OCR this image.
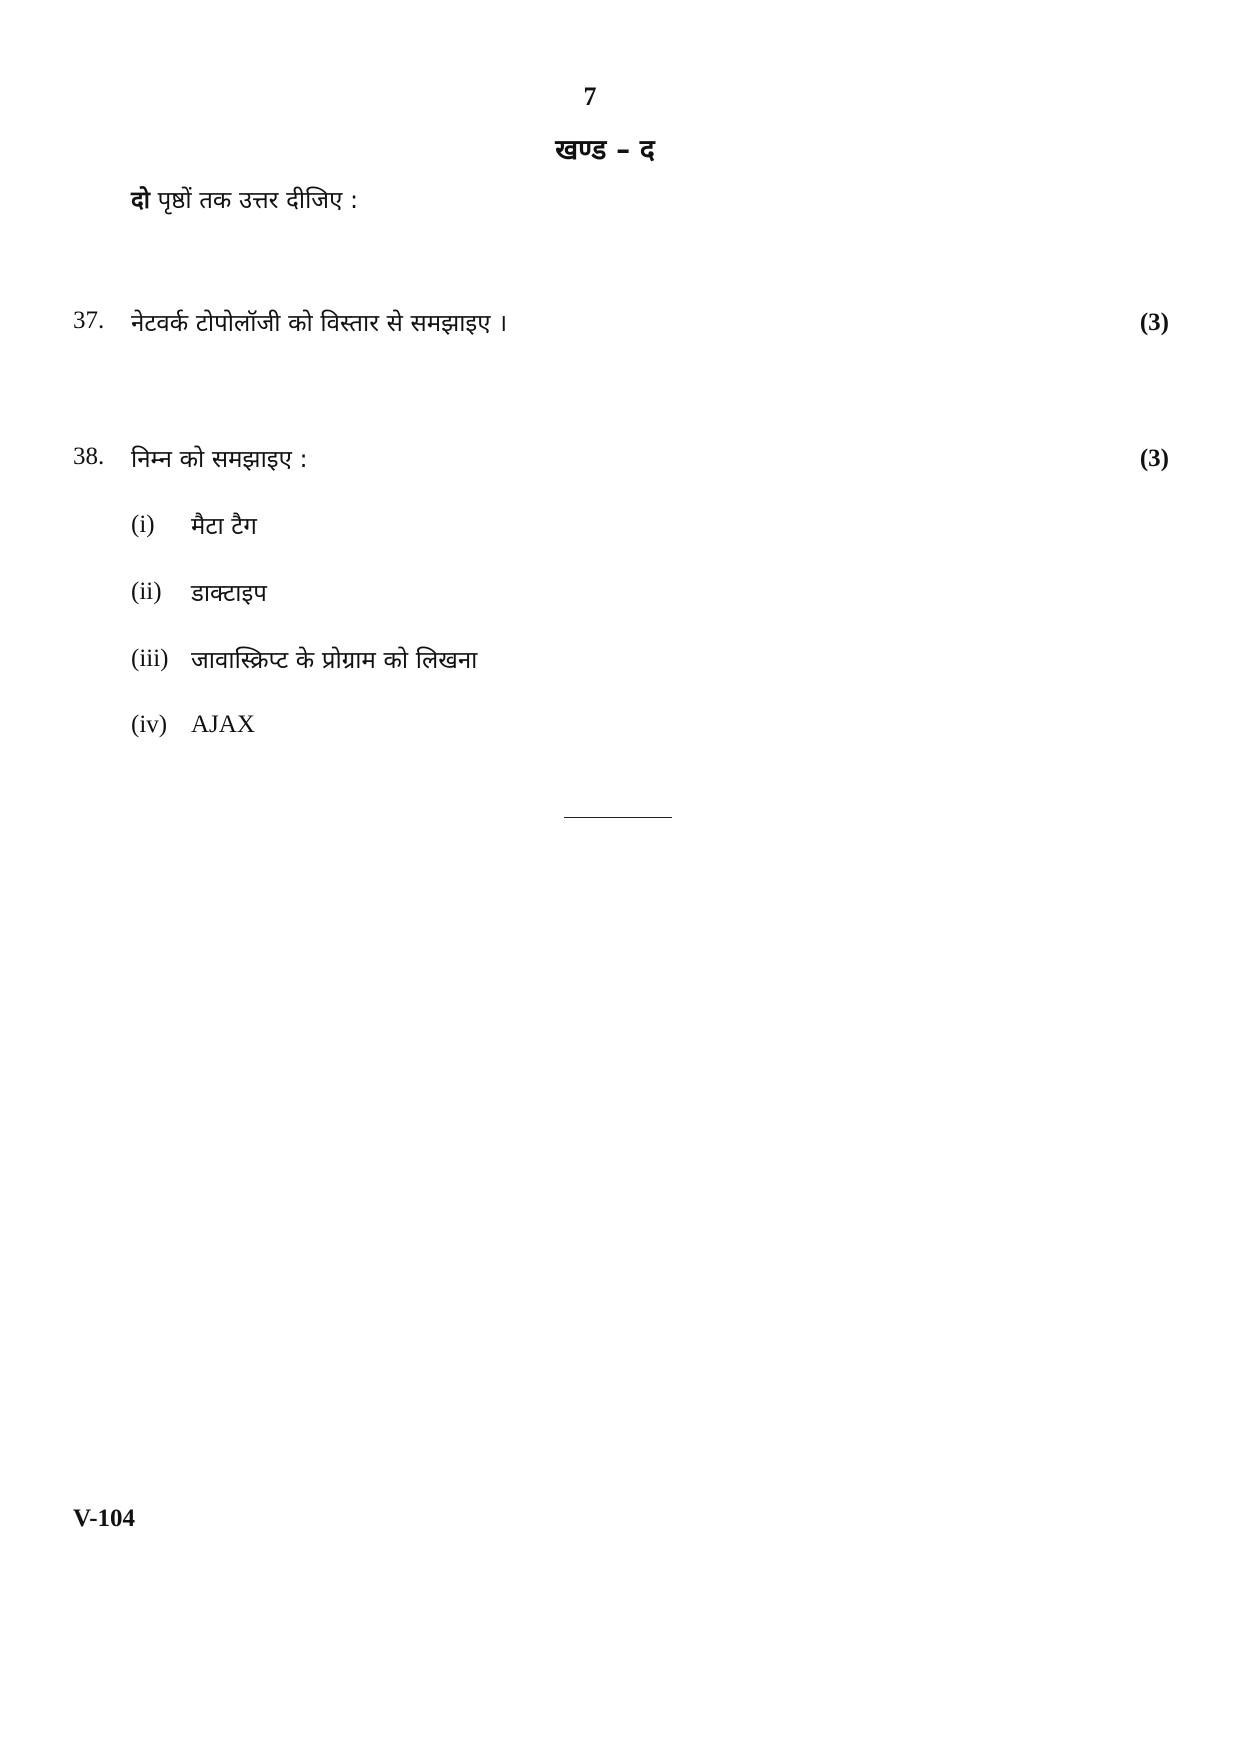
7
खण्ड – द
दो पृष्ठों तक उत्तर दीजिए :
37. नेटवर्क टोपोलॉजी को विस्तार से समझाइए ।	(3)
38. निम्न को समझाइए :	(3)
(i) मैटा टैग
(ii) डाक्टाइप
(iii) जावास्क्रिप्ट के प्रोग्राम को लिखना
(iv) AJAX
V-104
